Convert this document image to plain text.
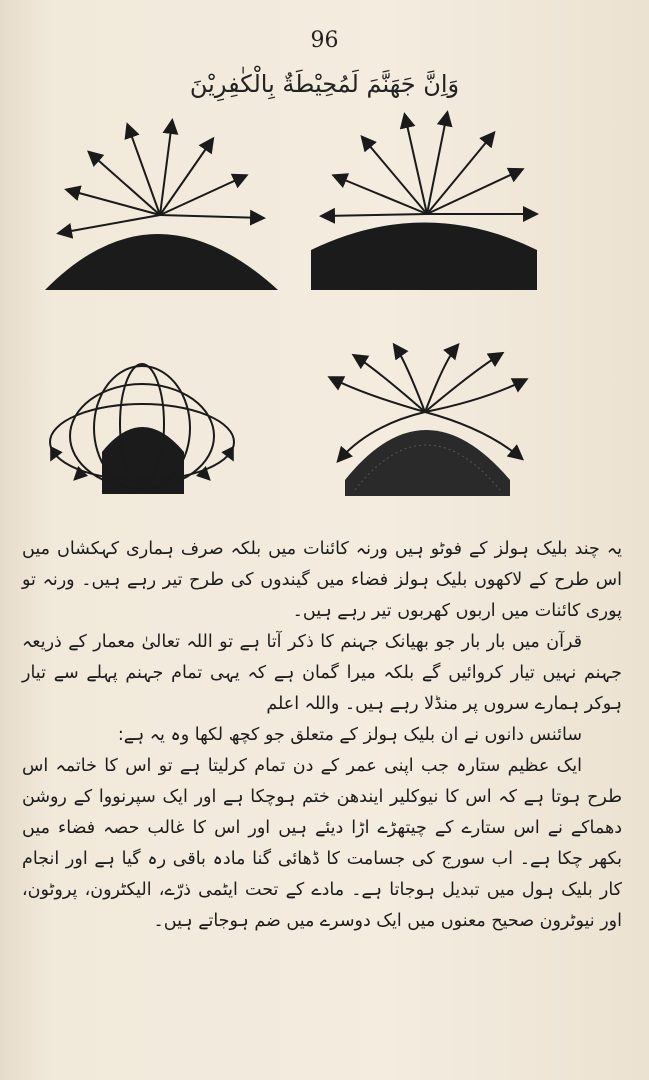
96
وَاِنَّ جَهَنَّمَ لَمُحِيْطَةٌ بِالْكٰفِرِيْنَ

یہ چند بلیک ہولز کے فوٹو ہیں ورنہ کائنات میں بلکہ صرف ہماری کہکشاں میں اس طرح کے لاکھوں بلیک ہولز فضاء میں گیندوں کی طرح تیر رہے ہیں۔ ورنہ تو پوری کائنات میں اربوں کھربوں تیر رہے ہیں۔

قرآن میں بار بار جو بھیانک جہنم کا ذکر آتا ہے تو اللہ تعالیٰ معمار کے ذریعہ جہنم نہیں تیار کروائیں گے بلکہ میرا گمان ہے کہ یہی تمام جہنم پہلے سے تیار ہوکر ہمارے سروں پر منڈلا رہے ہیں۔ واللہ اعلم

سائنس دانوں نے ان بلیک ہولز کے متعلق جو کچھ لکھا وہ یہ ہے:

ایک عظیم ستارہ جب اپنی عمر کے دن تمام کرلیتا ہے تو اس کا خاتمہ اس طرح ہوتا ہے کہ اس کا نیوکلیر ایندھن ختم ہوچکا ہے اور ایک سپرنووا کے روشن دھماکے نے اس ستارے کے چیتھڑے اڑا دیئے ہیں اور اس کا غالب حصہ فضاء میں بکھر چکا ہے۔ اب سورج کی جسامت کا ڈھائی گنا مادہ باقی رہ گیا ہے اور انجام کار بلیک ہول میں تبدیل ہوجاتا ہے۔ مادے کے تحت ایٹمی ذرّے، الیکٹرون، پروٹون، اور نیوٹرون صحیح معنوں میں ایک دوسرے میں ضم ہوجاتے ہیں۔
